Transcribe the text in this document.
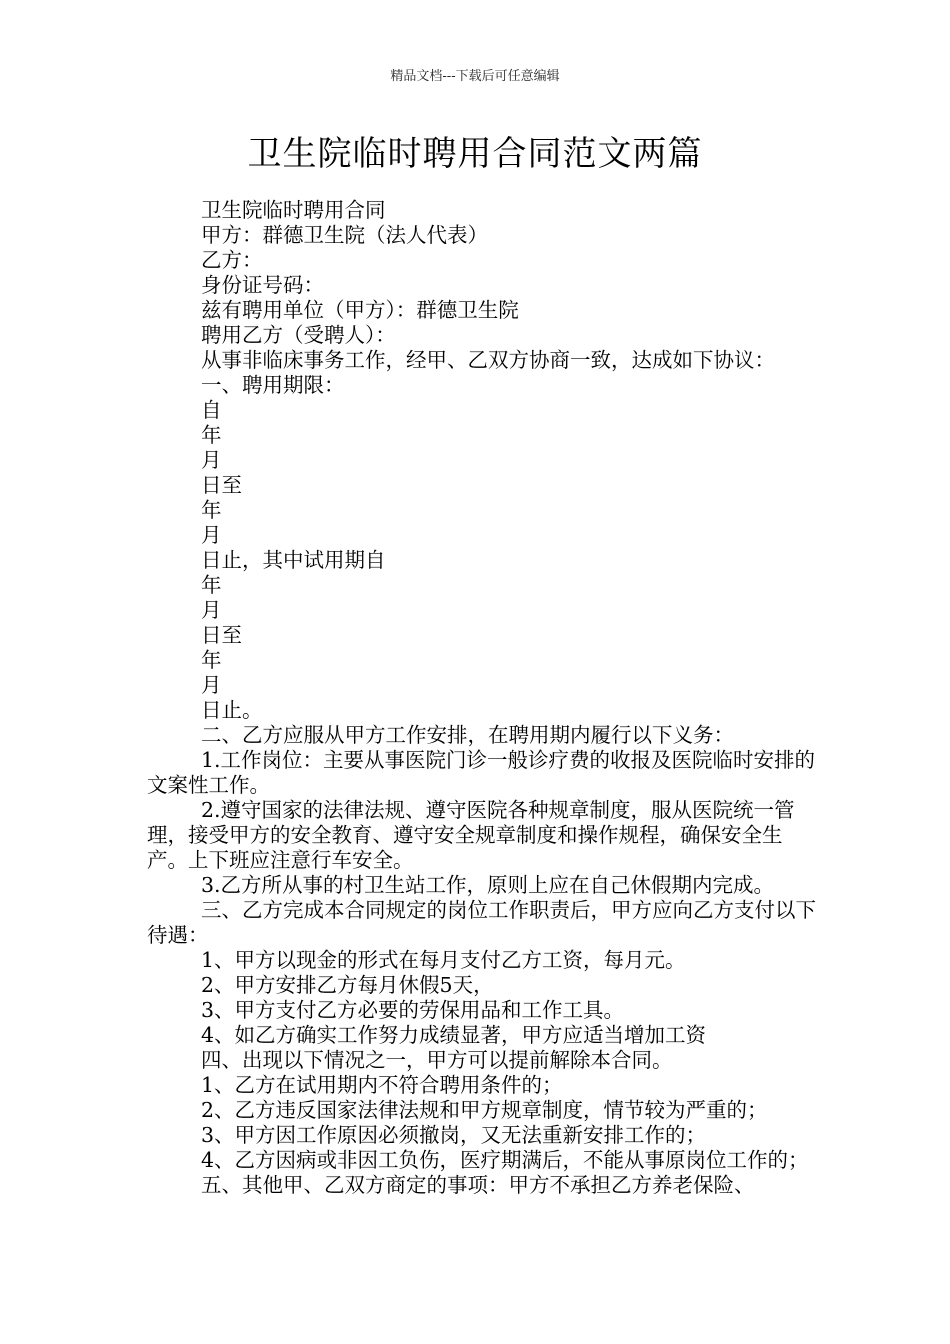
精品文档---下载后可任意编辑
卫生院临时聘用合同范文两篇

卫生院临时聘用合同

甲方：群德卫生院（法人代表）

乙方：

身份证号码：

兹有聘用单位（甲方）：群德卫生院

聘用乙方（受聘人）：

从事非临床事务工作，经甲、乙双方协商一致，达成如下协议：

一、聘用期限：

自

年

月

日至

年

月

日止，其中试用期自

年

月

日至

年

月

日止。

二、乙方应服从甲方工作安排，在聘用期内履行以下义务：

1.工作岗位：主要从事医院门诊一般诊疗费的收报及医院临时安排的文案性工作。

2.遵守国家的法律法规、遵守医院各种规章制度，服从医院统一管理，接受甲方的安全教育、遵守安全规章制度和操作规程，确保安全生产。上下班应注意行车安全。

3.乙方所从事的村卫生站工作，原则上应在自己休假期内完成。

三、乙方完成本合同规定的岗位工作职责后，甲方应向乙方支付以下待遇：

1、甲方以现金的形式在每月支付乙方工资，每月元。

2、甲方安排乙方每月休假5天，

3、甲方支付乙方必要的劳保用品和工作工具。

4、如乙方确实工作努力成绩显著，甲方应适当增加工资

四、出现以下情况之一，甲方可以提前解除本合同。

1、乙方在试用期内不符合聘用条件的；

2、乙方违反国家法律法规和甲方规章制度，情节较为严重的；

3、甲方因工作原因必须撤岗，又无法重新安排工作的；

4、乙方因病或非因工负伤，医疗期满后，不能从事原岗位工作的；

五、其他甲、乙双方商定的事项：甲方不承担乙方养老保险、
